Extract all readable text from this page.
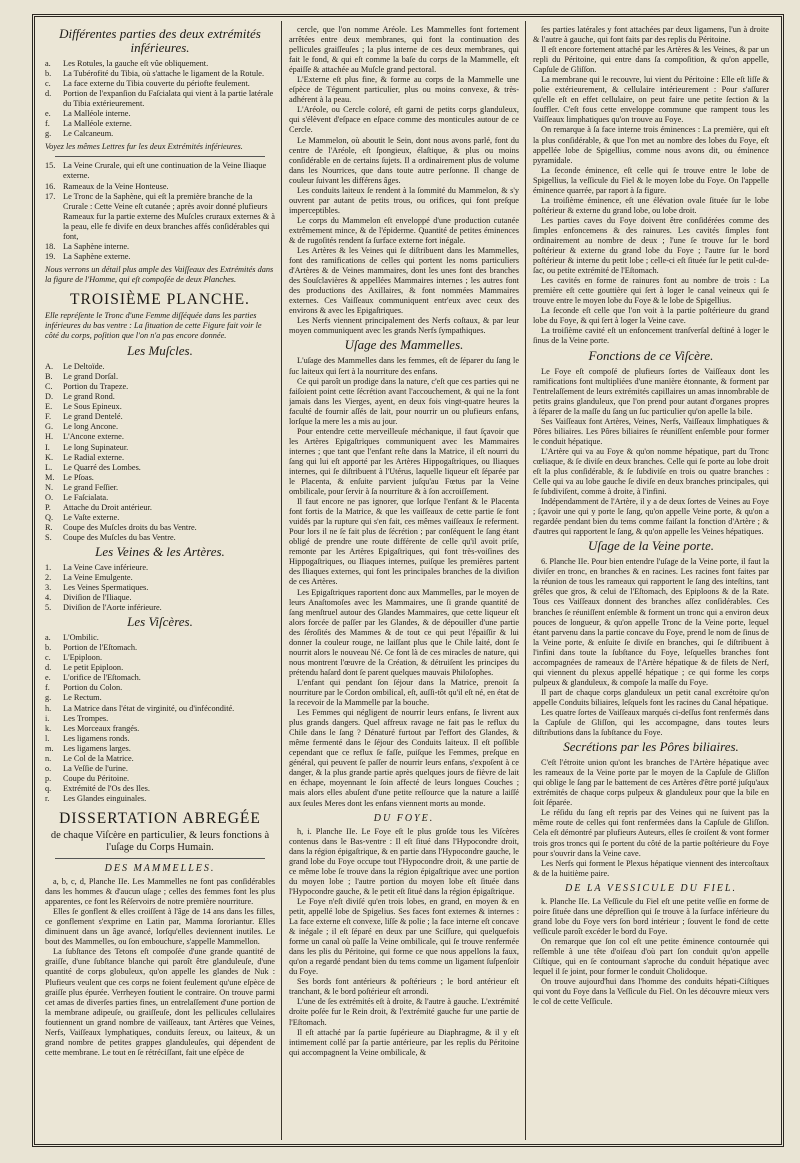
Différentes parties des deux extrémités inférieures.
a.	Les Rotules, la gauche eſt vûe obliquement.
b.	La Tubérofité du Tibia, où s'attache le ligament de la Rotule.
c.	La face externe du Tibia couverte du périofte feulement.
d.	Portion de l'expanſion du Faſcialata qui vient à la partie latérale du Tibia extérieurement.
e.	La Malléole interne.
f.	La Malléole externe.
g.	Le Calcaneum.
Voyez les mêmes Lettres fur les deux Extrémités inférieures.
15. La Veine Crurale, qui eſt une continuation de la Veine Iliaque externe.
16. Rameaux de la Veine Honteuse.
17. Le Tronc de la Saphène, qui eſt la première branche de la Crurale : Cette Veine eſt cutanée ; après avoir donné plufieurs Rameaux fur la partie externe des Muſcles cruraux externes & à la peau, elle fe divife en deux branches affés conſidérables qui font,
18. La Saphène interne.
19. La Saphène externe.
Nous verrons un détail plus ample des Vaiſſeaux des Extrémités dans la figure de l'Homme, qui eſt compoſée de deux Planches.
TROISIÈME PLANCHE.
Elle repréſente le Tronc d'une Femme diſſéquée dans les parties inférieures du bas ventre : La ſituation de cette Figure fait voir le côté du corps, poſition que l'on n'a pas encore donnée.
Les Muſcles.
A.	Le Deltoïde.
B.	Le grand Dorſal.
C.	Portion du Trapeze.
D.	Le grand Rond.
E.	Le Sous Epineux.
F.	Le grand Dentelé.
G.	Le long Ancone.
H.	L'Ancone externe.
I.	Le long Supinateur.
K.	Le Radial externe.
L.	Le Quarré des Lombes.
M.	Le Pſoas.
N.	Le grand Feſſier.
O.	Le Faſcialata.
P.	Attache du Droit antérieur.
Q.	Le Vaſte externe.
R.	Coupe des Muſcles droits du bas Ventre.
S.	Coupe des Muſcles du bas Ventre.
Les Veines & les Artères.
1.	La Veine Cave inférieure.
2.	La Veine Emulgente.
3.	Les Veines Spermatiques.
4.	Diviſion de l'Iliaque.
5.	Diviſion de l'Aorte inférieure.
Les Viſcères.
a.	L'Ombilic.
b.	Portion de l'Eſtomach.
c.	L'Epiploon.
d.	Le petit Epiploon.
e.	L'orifice de l'Eſtomach.
f.	Portion du Colon.
g.	Le Rectum.
h.	La Matrice dans l'état de virginité, ou d'infécondité.
i.	Les Trompes.
k.	Les Morceaux frangés.
l.	Les ligamens ronds.
m.	Les ligamens larges.
n.	Le Col de la Matrice.
o.	La Veſſie de l'urine.
p.	Coupe du Péritoine.
q.	Extrémité de l'Os des Iles.
r.	Les Glandes einguinales.
DISSERTATION ABREGÉE
de chaque Viſcère en particulier, & leurs fonctions à l'uſage du Corps Humain.
DES MAMMELLES.

a, b, c, d, Planche IIe. Les Mammelles ne font pas conſidérables dans les hommes & d'aucun uſage ; celles des femmes font les plus apparentes, ce font les Réſervoirs de notre première nourriture.

Elles ſe gonflent & elles croiſſent à l'âge de 14 ans dans les filles, ce gonflement s'exprime en Latin par, Mamma ſororiantur. Elles diminuent dans un âge avancé, lorſqu'elles deviennent inutiles. Le bout des Mammelles, ou ſon embouchure, s'appelle Mammellon.

La ſubſtance des Tetons eſt compoſée d'une grande quantité de graiſſe, d'une ſubſtance blanche qui paroît être glanduleuſe, d'une quantité de corps globuleux, qu'on appelle les glandes de Nuk : Plufieurs veulent que ces corps ne foient feulement qu'une eſpèce de graiſſe plus épurée. Verrheyen foutient le contraire. On trouve parmi cet amas de diverſes parties fines, un entrelaſſement d'une portion de la membrane adipeuſe, ou graiſſeuſe, dont les pellicules cellulaires foutiennent un grand nombre de vaiſſeaux, tant Artères que Veines, Nerfs, Vaiſſeaux lymphatiques, conduits ſereux, ou laiteux, & un grand nombre de petites grappes glanduleuſes, qui dépendent de cette membrane. Le tout en ſe rétréciſſant, fait une eſpèce de

cercle, que l'on nomme Aréole. Les Mammelles font fortement arrêtées entre deux membranes, qui font la continuation des pellicules graiſſeuſes ; la plus interne de ces deux membranes, qui fait le fond, & qui eſt comme la baſe du corps de la Mammelle, eſt épaiſſe & attachée au Muſcle grand pectoral.

L'Externe eſt plus fine, & forme au corps de la Mammelle une eſpèce de Tégument particulier, plus ou moins convexe, & très-adhérent à la peau.

L'Aréole, ou Cercle coloré, eſt garni de petits corps glanduleux, qui s'élèvent d'eſpace en eſpace comme des monticules autour de ce Cercle.

Le Mammelon, où aboutit le Sein, dont nous avons parlé, font du centre de l'Aréole, eſt ſpongieux, élaſtique, & plus ou moins conſidérable en de certains ſujets. Il a ordinairement plus de volume dans les Nourrices, que dans toute autre perſonne. Il change de couleur ſuivant les différens âges.

Les conduits laiteux ſe rendent à la ſommité du Mammelon, & s'y ouvrent par autant de petits trous, ou orifices, qui font preſque imperceptibles.

Le corps du Mammelon eſt enveloppé d'une production cutanée extrêmement mince, & de l'épiderme. Quantité de petites éminences & de rugoſités rendent ſa ſurface externe fort inégale.

Les Artères & les Veines qui ſe diſtribuent dans les Mammelles, font des ramifications de celles qui portent les noms particuliers d'Artères & de Veines mammaires, dont les unes font des branches des Souſclavières & appellées Mammaires internes ; les autres font des productions des Axillaires, & font nommées Mammaires externes. Ces Vaiſſeaux communiquent entr'eux avec ceux des environs & avec les Epigaſtriques.

Les Nerfs viennent principalement des Nerfs coſtaux, & par leur moyen communiquent avec les grands Nerfs ſympathiques.

Uſage des Mammelles.

L'uſage des Mammelles dans les femmes, eſt de ſéparer du ſang le ſuc laiteux qui ſert à la nourriture des enfans.

Ce qui paroît un prodige dans la nature, c'eſt que ces parties qui ne faiſoient point cette ſécrétion avant l'accouchement, & qui ne la font jamais dans les Vierges, ayent, en deux fois vingt-quatre heures la faculté de fournir aſſés de lait, pour nourrir un ou plufieurs enfans, lorſque la mere les a mis au jour.

Pour entendre cette merveilleuſe méchanique, il faut ſçavoir que les Artères Epigaſtriques communiquent avec les Mammaires internes ; que tant que l'enfant reſte dans la Matrice, il eſt nourri du ſang qui lui eſt apporté par les Artères Hippogaſtriques, ou Iliaques internes, qui ſe diſtribuent à l'Utérus, laquelle liqueur eſt ſéparée par le Placenta, & enſuite parvient juſqu'au Fœtus par la Veine ombilicale, pour ſervir à ſa nourriture & à ſon accroiſſement.

Il faut encore ne pas ignorer, que lorſque l'enfant & le Placenta font fortis de la Matrice, & que les vaiſſeaux de cette partie ſe font vuidés par la rupture qui s'en fait, ces mêmes vaiſſeaux ſe referment. Pour lors il ne ſe fait plus de ſécrétion ; par conſéquent le ſang étant obligé de prendre une route différente de celle qu'il avoit priſe, remonte par les Artères Epigaſtriques, qui font très-voiſines des Hippogaſtriques, ou Iliaques internes, puiſque les premières partent des Iliaques externes, qui font les principales branches de la diviſion de ces Artères.

Les Epigaſtriques raportent donc aux Mammelles, par le moyen de leurs Anaſtomoſes avec les Mammaires, une ſi grande quantité de ſang menſtruel autour des Glandes Mammaires, que cette liqueur eſt alors forcée de paſſer par les Glandes, & de dépouiller d'une partie des ſéroſités des Mammes & de tout ce qui peut l'épaiſſir & lui donner la couleur rouge, ne laiſſant plus que le Chile laité, dont ſe nourrit alors le nouveau Né. Ce font là de ces miracles de nature, qui nous montrent l'œuvre de la Création, & détruiſent les principes du prétendu haſard dont ſe parent quelques mauvais Philoſophes.

L'enfant qui pendant ſon ſéjour dans la Matrice, prenoit ſa nourriture par le Cordon ombilical, eſt, auſſi-tôt qu'il eſt né, en état de la recevoir de la Mammelle par la bouche.

Les Femmes qui négligent de nourrir leurs enfans, ſe livrent aux plus grands dangers. Quel affreux ravage ne fait pas le reflux du Chile dans le ſang ? Dénaturé furtout par l'effort des Glandes, & même fermenté dans le ſéjour des Conduits laiteux. Il eſt poſſible cependant que ce reflux ſe faſſe, puiſque les Femmes, preſque en général, qui peuvent ſe paſſer de nourrir leurs enfans, s'expoſent à ce danger, & la plus grande partie après quelques jours de fièvre de lait en échape, moyennant le ſoin affecté de leurs longues Couches ; mais alors elles abuſent d'une petite reſſource que la nature a laiſſé aux ſeules Meres dont les enfans viennent morts au monde.

DU FOYE.

h, i. Planche IIe. Le Foye eſt le plus groſde tous les Viſcères contenus dans le Bas-ventre : Il eſt ſitué dans l'Hypocondre droit, dans la région épigaſtrique, & en partie dans l'Hypocondre gauche, le grand lobe du Foye occupe tout l'Hypocondre droit, & une partie de ce même lobe ſe trouve dans la région épigaſtrique avec une portion du moyen lobe ; l'autre portion du moyen lobe eſt ſituée dans l'Hypocondre gauche, & le petit eſt ſitué dans la région épigaſtrique.

Le Foye n'eſt diviſé qu'en trois lobes, en grand, en moyen & en petit, appellé lobe de Spigelius. Ses faces font externes & internes : La face externe eſt convexe, liſſe & polie ; la face interne eſt concave & inégale ; il eſt ſéparé en deux par une Sciſſure, qui quelquefois forme un canal où paſſe la Veine ombilicale, qui ſe trouve renfermée dans les plis du Péritoine, qui forme ce que nous appellons la faux, qu'on a regardé pendant bien du tems comme un ligament ſuſpenſoir du Foye.

Ses bords font antérieurs & poſtérieurs ; le bord antérieur eſt tranchant, & le bord poſtérieur eſt arrondi.

L'une de ſes extrémités eſt à droite, & l'autre à gauche. L'extrémité droite poſée fur le Rein droit, & l'extrémité gauche fur une partie de l'Eſtomach.

Il eſt attaché par ſa partie ſupérieure au Diaphragme, & il y eſt intimement collé par ſa partie antérieure, par les replis du Péritoine qui accompagnent la Veine ombilicale, &

ſes parties latérales y font attachées par deux ligamens, l'un à droite & l'autre à gauche, qui font faits par des replis du Péritoine.

Il eſt encore fortement attaché par les Artères & les Veines, & par un repli du Péritoine, qui entre dans ſa compoſition, & qu'on appelle, Capſule de Gliſſon.

La membrane qui le recouvre, lui vient du Péritoine : Elle eſt liſſe & polie extérieurement, & cellulaire intérieurement : Pour s'aſſurer qu'elle eſt en effet cellulaire, on peut faire une petite ſection & la ſouffler. C'eſt fous cette enveloppe commune que rampent tous les Vaiſſeaux limphatiques qu'on trouve au Foye.

On remarque à ſa face interne trois éminences : La première, qui eſt la plus conſidérable, & que l'on met au nombre des lobes du Foye, eſt appellée lobe de Spigellius, comme nous avons dit, ou éminence pyramidale.

La ſeconde éminence, eſt celle qui ſe trouve entre le lobe de Spigellius, la veſſicule du Fiel & le moyen lobe du Foye. On l'appelle éminence quarrée, par raport à ſa figure.

La troiſième éminence, eſt une élévation ovale ſituée ſur le lobe poſtérieur & externe du grand lobe, ou lobe droit.

Les parties caves du Foye doivent être conſidérées comme des ſimples enfoncemens & des rainures. Les cavités ſimples font ordinairement au nombre de deux ; l'une ſe trouve ſur le bord poſtérieur & externe du grand lobe du Foye ; l'autre ſur le bord poſtérieur & interne du petit lobe ; celle-ci eſt ſituée ſur le petit cul-de-ſac, ou petite extrémité de l'Eſtomach.

Les cavités en forme de rainures font au nombre de trois : La première eſt cette gouttière qui ſert à loger le canal veineux qui ſe trouve entre le moyen lobe du Foye & le lobe de Spigellius.

La ſeconde eſt celle que l'on voit à la partie poſtérieure du grand lobe du Foye, & qui ſert à loger la Veine cave.

La troiſième cavité eſt un enfoncement tranſverſal deſtiné à loger le ſinus de la Veine porte.

Fonctions de ce Viſcère.

Le Foye eſt compoſé de plufieurs ſortes de Vaiſſeaux dont les ramifications font multipliées d'une manière étonnante, & forment par l'entrelaſſement de leurs extrémités capillaires un amas innombrable de petits grains glanduleux, que l'on prend pour autant d'organes propres à ſéparer de la maſſe du ſang un ſuc particulier qu'on apelle la bile.

Ses Vaiſſeaux font Artères, Veines, Nerfs, Vaiſſeaux limphatiques & Pôres biliaires. Les Pôres biliaires ſe réuniſſent enſemble pour former le conduit hépatique.

L'Artère qui va au Foye & qu'on nomme hépatique, part du Tronc cœliaque, & ſe diviſe en deux branches. Celle qui ſe porte au lobe droit eſt la plus conſidérable, & ſe ſubdiviſe en trois ou quatre branches : Celle qui va au lobe gauche ſe diviſe en deux branches principales, qui ſe ſubdiviſent, comme à droite, à l'infini.

Indépendamment de l'Artère, il y a de deux ſortes de Veines au Foye ; ſçavoir une qui y porte le ſang, qu'on appelle Veine porte, & qu'on a regardée pendant bien du tems comme faiſant la fonction d'Artère ; & d'autres qui rapportent le ſang, & qu'on appelle les Veines hépatiques.

Uſage de la Veine porte.

6. Planche IIe. Pour bien entendre l'uſage de la Veine porte, il faut la diviſer en tronc, en branches & en racines. Les racines font faites par la réunion de tous les rameaux qui rapportent le ſang des inteſtins, tant grêles que gros, & celui de l'Eſtomach, des Epiploons & de la Rate. Tous ces Vaiſſeaux donnent des branches aſſez conſidérables. Ces branches ſe réuniſſent enſemble & forment un tronc qui a environ deux pouces de longueur, & qu'on appelle Tronc de la Veine porte, lequel étant parvenu dans la partie concave du Foye, prend le nom de ſinus de la Veine porte, & enſuite ſe diviſe en branches, qui ſe diſtribuent à l'infini dans toute la ſubſtance du Foye, leſquelles branches font accompagnées de rameaux de l'Artère hépatique & de filets de Nerf, qui viennent du plexus appellé hépatique ; ce qui forme les corps pulpeux & glanduleux, & compoſe la maſſe du Foye.

Il part de chaque corps glanduleux un petit canal excrétoire qu'on appelle Conduits biliaires, leſquels font les racines du Canal hépatique.

Les quatre ſortes de Vaiſſeaux marqués ci-deſſus font renfermés dans la Capſule de Gliſſon, qui les accompagne, dans toutes leurs diſtributions dans la ſubſtance du Foye.

Secrétions par les Pôres biliaires.

C'eſt l'étroite union qu'ont les branches de l'Artère hépatique avec les rameaux de la Veine porte par le moyen de la Capſule de Gliſſon qui oblige le ſang par le battement de ces Artères d'être porté juſqu'aux extrémités de chaque corps pulpeux & glanduleux pour que la bile en ſoit ſéparée.

Le réſidu du ſang eſt repris par des Veines qui ne ſuivent pas la même route de celles qui font renfermées dans la Capſule de Gliſſon. Cela eſt démontré par plufieurs Auteurs, elles ſe croiſent & vont former trois gros troncs qui ſe portent du côté de la partie poſtérieure du Foye pour s'ouvrir dans la Veine cave.

Les Nerfs qui forment le Plexus hépatique viennent des intercoſtaux & de la huitième paire.

DE LA VESSICULE DU FIEL.

k. Planche IIe. La Veſſicule du Fiel eſt une petite veſſie en forme de poire ſituée dans une dépreſſion qui ſe trouve à la ſurface inférieure du grand lobe du Foye vers ſon bord intérieur ; ſouvent le fond de cette veſſicule paroît excéder le bord du Foye.

On remarque que ſon col eſt une petite éminence contournée qui reſſemble à une tête d'oiſeau d'où part ſon conduit qu'on appelle Ciſtique, qui en ſe contournant s'aproche du conduit hépatique avec lequel il ſe joint, pour former le conduit Cholidoque.

On trouve aujourd'hui dans l'homme des conduits hépati-Ciſtiques qui vont du Foye dans la Veſſicule du Fiel. On les découvre mieux vers le col de cette Veſſicule.
